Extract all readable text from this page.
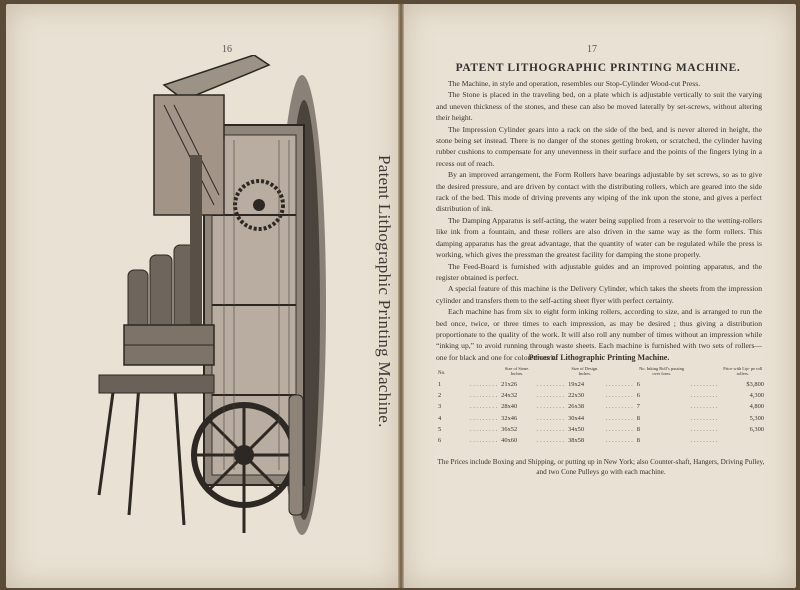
16
Patent Lithographic Printing Machine.
17
PATENT LITHOGRAPHIC PRINTING MACHINE.

The Machine, in style and operation, resembles our Stop-Cylinder Wood-cut Press.

The Stone is placed in the traveling bed, on a plate which is adjustable vertically to suit the varying and uneven thickness of the stones, and these can also be moved laterally by set-screws, without altering their height.

The Impression Cylinder gears into a rack on the side of the bed, and is never altered in height, the stone being set instead. There is no danger of the stones getting broken, or scratched, the cylinder having rubber cushions to compensate for any unevenness in their surface and the points of the fingers lying in a recess out of reach.

By an improved arrangement, the Form Rollers have bearings adjustable by set screws, so as to give the desired pressure, and are driven by contact with the distributing rollers, which are geared into the side rack of the bed. This mode of driving prevents any wiping of the ink upon the stone, and gives a perfect distribution of ink.

The Damping Apparatus is self-acting, the water being supplied from a reservoir to the wetting-rollers like ink from a fountain, and these rollers are also driven in the same way as the form rollers. This damping apparatus has the great advantage, that the quantity of water can be regulated while the press is working, which gives the pressman the greatest facility for damping the stone properly.

The Feed-Board is furnished with adjustable guides and an improved pointing apparatus, and the register obtained is perfect.

A special feature of this machine is the Delivery Cylinder, which takes the sheets from the impression cylinder and transfers them to the self-acting sheet flyer with perfect certainty.

Each machine has from six to eight form inking rollers, according to size, and is arranged to run the bed once, twice, or three times to each impression, as may be desired ; thus giving a distribution proportionate to the quality of the work. It will also roll any number of times without an impression while “inking up,” to avoid running through waste sheets. Each machine is furnished with two sets of rollers—one for black and one for colored work.

Prices of Lithographic Printing Machine.
No.		Size of Stone. Inches.		Size of Design. Inches.		No. Inking Roll’s passing over form.		Price with Lip- pe roll rollers.
1	. . . . . . . . .	21x26	. . . . . . . . .	19x24	. . . . . . . . .	6	. . . . . . . . .	$3,800
2	. . . . . . . . .	24x32	. . . . . . . . .	22x30	. . . . . . . . .	6	. . . . . . . . .	4,300
3	. . . . . . . . .	28x40	. . . . . . . . .	26x38	. . . . . . . . .	7	. . . . . . . . .	4,800
4	. . . . . . . . .	32x46	. . . . . . . . .	30x44	. . . . . . . . .	8	. . . . . . . . .	5,300
5	. . . . . . . . .	36x52	. . . . . . . . .	34x50	. . . . . . . . .	8	. . . . . . . . .	6,300
6	. . . . . . . . .	40x60	. . . . . . . . .	38x58	. . . . . . . . .	8	. . . . . . . . .	
The Prices include Boxing and Shipping, or putting up in New York; also Counter-shaft, Hangers, Driving Pulley, and two Cone Pulleys go with each machine.
